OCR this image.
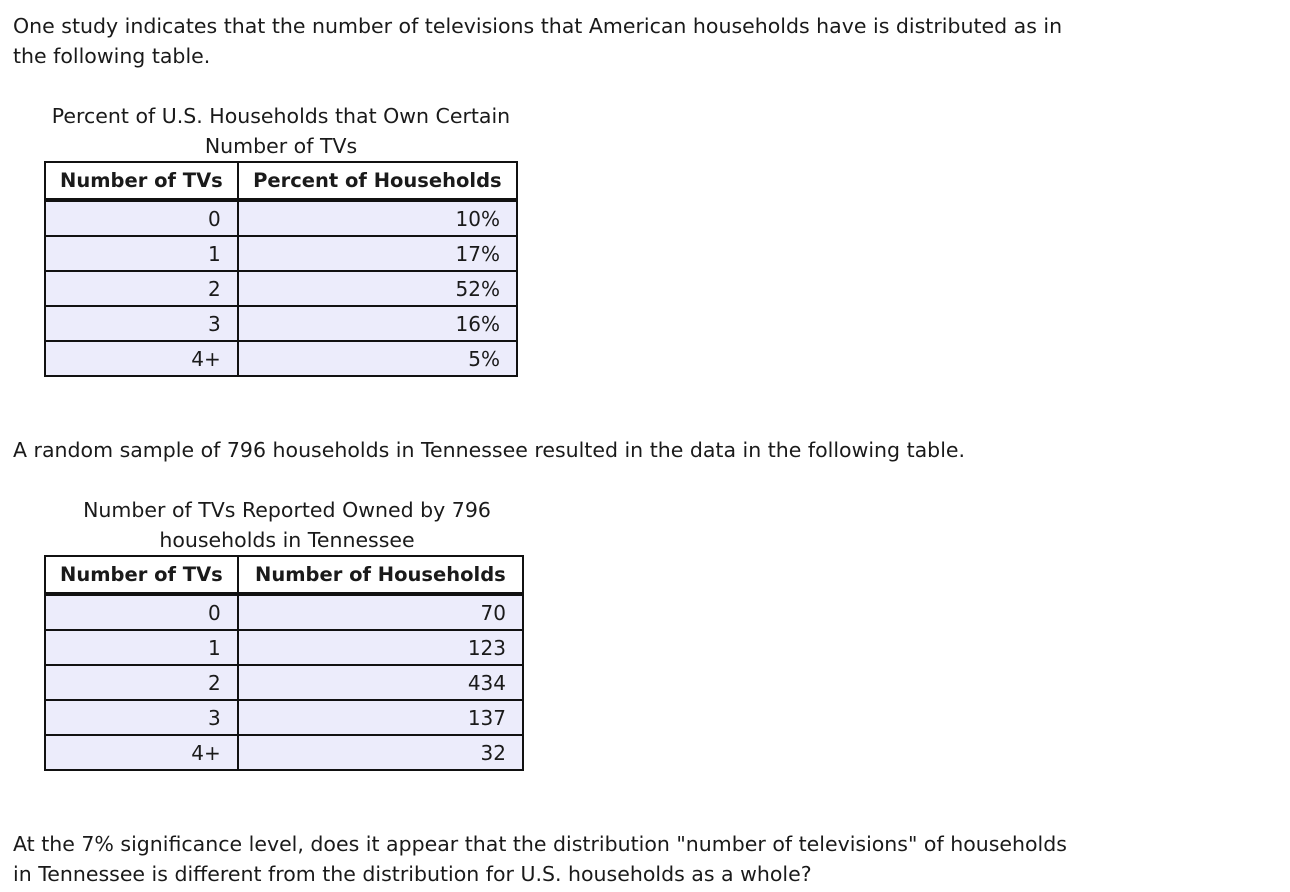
One study indicates that the number of televisions that American households have is distributed as in the following table.

Percent of U.S. Households that Own Certain Number of TVs

Number of TVs	Percent of Households
0	10%
1	17%
2	52%
3	16%
4+	5%

A random sample of 796 households in Tennessee resulted in the data in the following table.

Number of TVs Reported Owned by 796 households in Tennessee

Number of TVs	Number of Households
0	70
1	123
2	434
3	137
4+	32

At the 7% significance level, does it appear that the distribution "number of televisions" of households in Tennessee is different from the distribution for U.S. households as a whole?
